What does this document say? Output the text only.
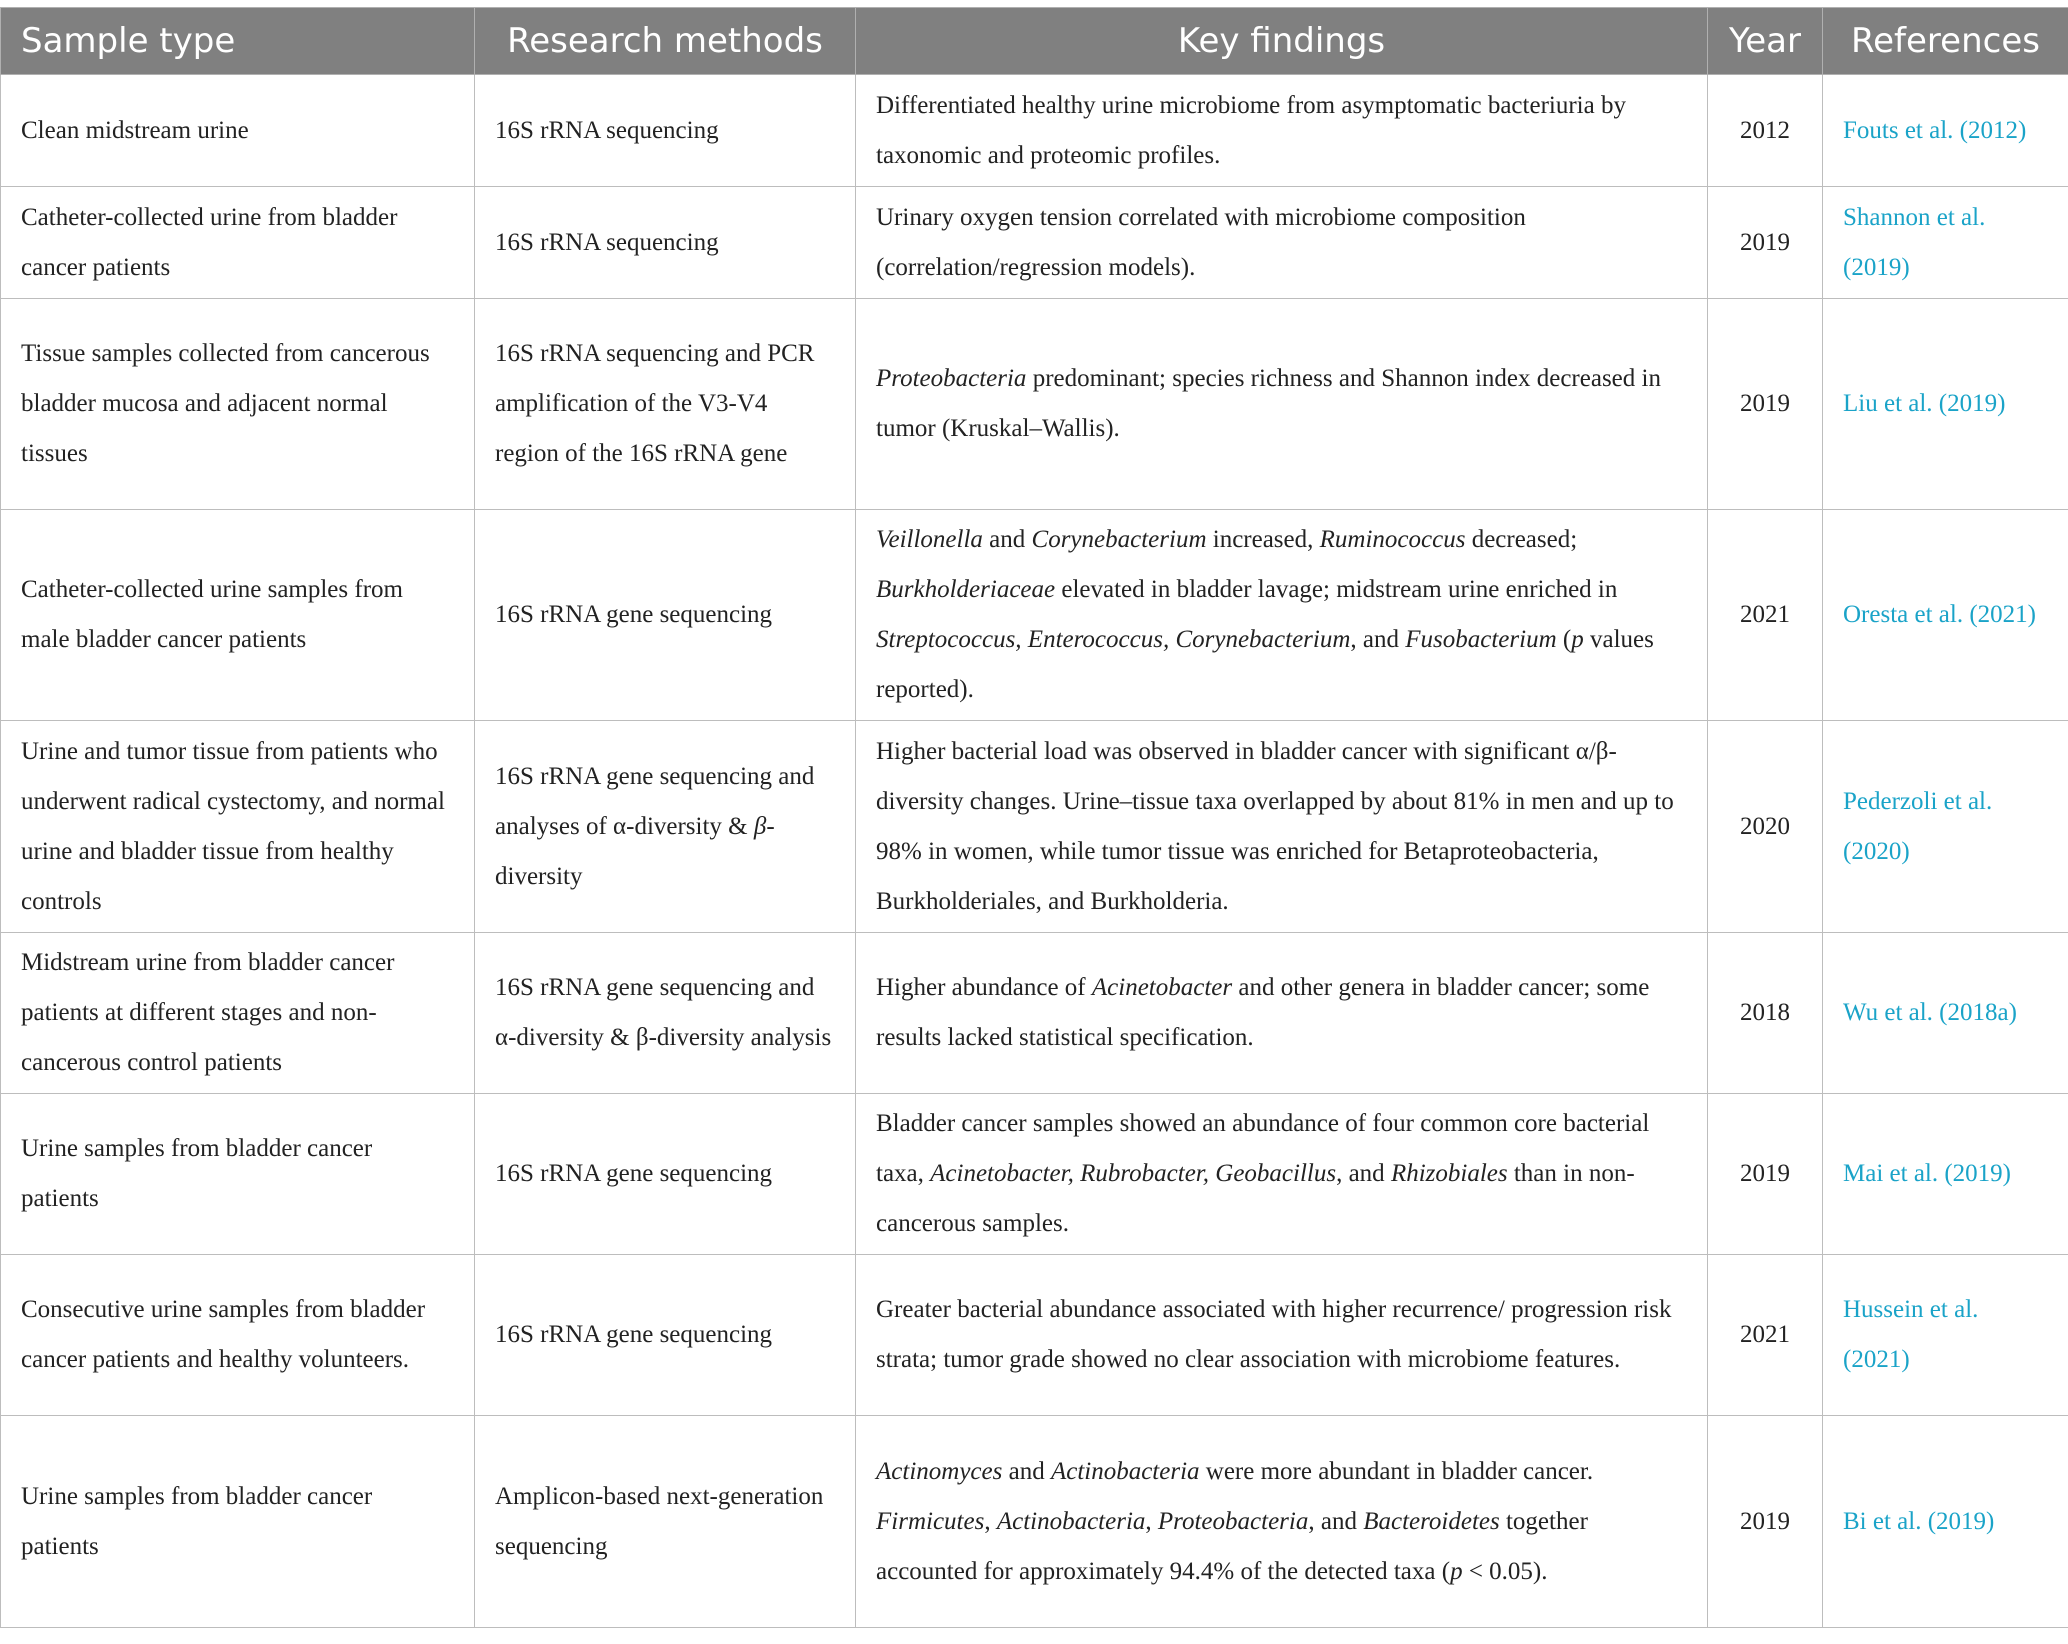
Sample type	Research methods	Key findings	Year	References
Clean midstream urine	16S rRNA sequencing	Differentiated healthy urine microbiome from asymptomatic bacteriuria by taxonomic and proteomic profiles.	2012	Fouts et al. (2012)
Catheter-collected urine from bladder cancer patients	16S rRNA sequencing	Urinary oxygen tension correlated with microbiome composition (correlation/regression models).	2019	Shannon et al. (2019)
Tissue samples collected from cancerous bladder mucosa and adjacent normal tissues	16S rRNA sequencing and PCR amplification of the V3-V4 region of the 16S rRNA gene	Proteobacteria predominant; species richness and Shannon index decreased in tumor (Kruskal–Wallis).	2019	Liu et al. (2019)
Catheter-collected urine samples from male bladder cancer patients	16S rRNA gene sequencing	Veillonella and Corynebacterium increased, Ruminococcus decreased; Burkholderiaceae elevated in bladder lavage; midstream urine enriched in Streptococcus, Enterococcus, Corynebacterium, and Fusobacterium (p values reported).	2021	Oresta et al. (2021)
Urine and tumor tissue from patients who underwent radical cystectomy, and normal urine and bladder tissue from healthy controls	16S rRNA gene sequencing and analyses of α-diversity & β-diversity	Higher bacterial load was observed in bladder cancer with significant α/β-diversity changes. Urine–tissue taxa overlapped by about 81% in men and up to 98% in women, while tumor tissue was enriched for Betaproteobacteria, Burkholderiales, and Burkholderia.	2020	Pederzoli et al. (2020)
Midstream urine from bladder cancer patients at different stages and non-cancerous control patients	16S rRNA gene sequencing and α-diversity & β-diversity analysis	Higher abundance of Acinetobacter and other genera in bladder cancer; some results lacked statistical specification.	2018	Wu et al. (2018a)
Urine samples from bladder cancer patients	16S rRNA gene sequencing	Bladder cancer samples showed an abundance of four common core bacterial taxa, Acinetobacter, Rubrobacter, Geobacillus, and Rhizobiales than in non-cancerous samples.	2019	Mai et al. (2019)
Consecutive urine samples from bladder cancer patients and healthy volunteers.	16S rRNA gene sequencing	Greater bacterial abundance associated with higher recurrence/ progression risk strata; tumor grade showed no clear association with microbiome features.	2021	Hussein et al. (2021)
Urine samples from bladder cancer patients	Amplicon-based next-generation sequencing	Actinomyces and Actinobacteria were more abundant in bladder cancer. Firmicutes, Actinobacteria, Proteobacteria, and Bacteroidetes together accounted for approximately 94.4% of the detected taxa (p < 0.05).	2019	Bi et al. (2019)
